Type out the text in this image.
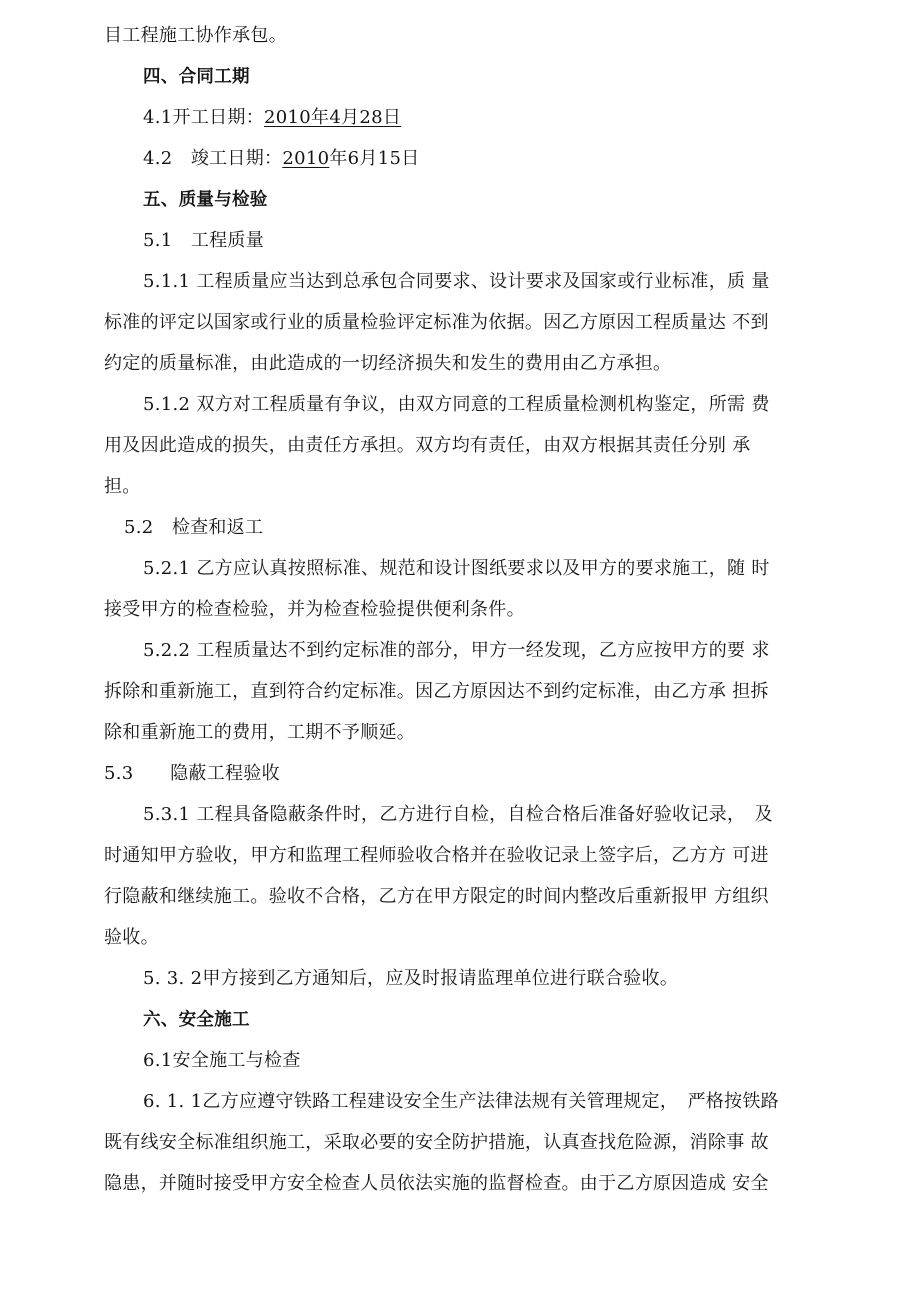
目工程施工协作承包。
四、合同工期
4.1开工日期：2010年4月28日
4.2　竣工日期：2010年6月15日
五、质量与检验
5.1　工程质量
5.1.1 工程质量应当达到总承包合同要求、设计要求及国家或行业标准，质 量
标准的评定以国家或行业的质量检验评定标准为依据。因乙方原因工程质量达 不到
约定的质量标准，由此造成的一切经济损失和发生的费用由乙方承担。
5.1.2 双方对工程质量有争议，由双方同意的工程质量检测机构鉴定，所需 费
用及因此造成的损失，由责任方承担。双方均有责任，由双方根据其责任分别 承
担。
5.2　检查和返工
5.2.1 乙方应认真按照标准、规范和设计图纸要求以及甲方的要求施工，随 时
接受甲方的检查检验，并为检查检验提供便利条件。
5.2.2 工程质量达不到约定标准的部分，甲方一经发现，乙方应按甲方的要 求
拆除和重新施工，直到符合约定标准。因乙方原因达不到约定标准，由乙方承 担拆
除和重新施工的费用，工期不予顺延。
5.3　　隐蔽工程验收
5.3.1 工程具备隐蔽条件时，乙方进行自检，自检合格后准备好验收记录，　及
时通知甲方验收，甲方和监理工程师验收合格并在验收记录上签字后，乙方方 可进
行隐蔽和继续施工。验收不合格，乙方在甲方限定的时间内整改后重新报甲 方组织
验收。
5. 3. 2甲方接到乙方通知后，应及时报请监理单位进行联合验收。
六、安全施工
6.1安全施工与检查
6. 1. 1乙方应遵守铁路工程建设安全生产法律法规有关管理规定，　严格按铁路
既有线安全标准组织施工，采取必要的安全防护措施，认真查找危险源，消除事 故
隐患，并随时接受甲方安全检查人员依法实施的监督检查。由于乙方原因造成 安全
